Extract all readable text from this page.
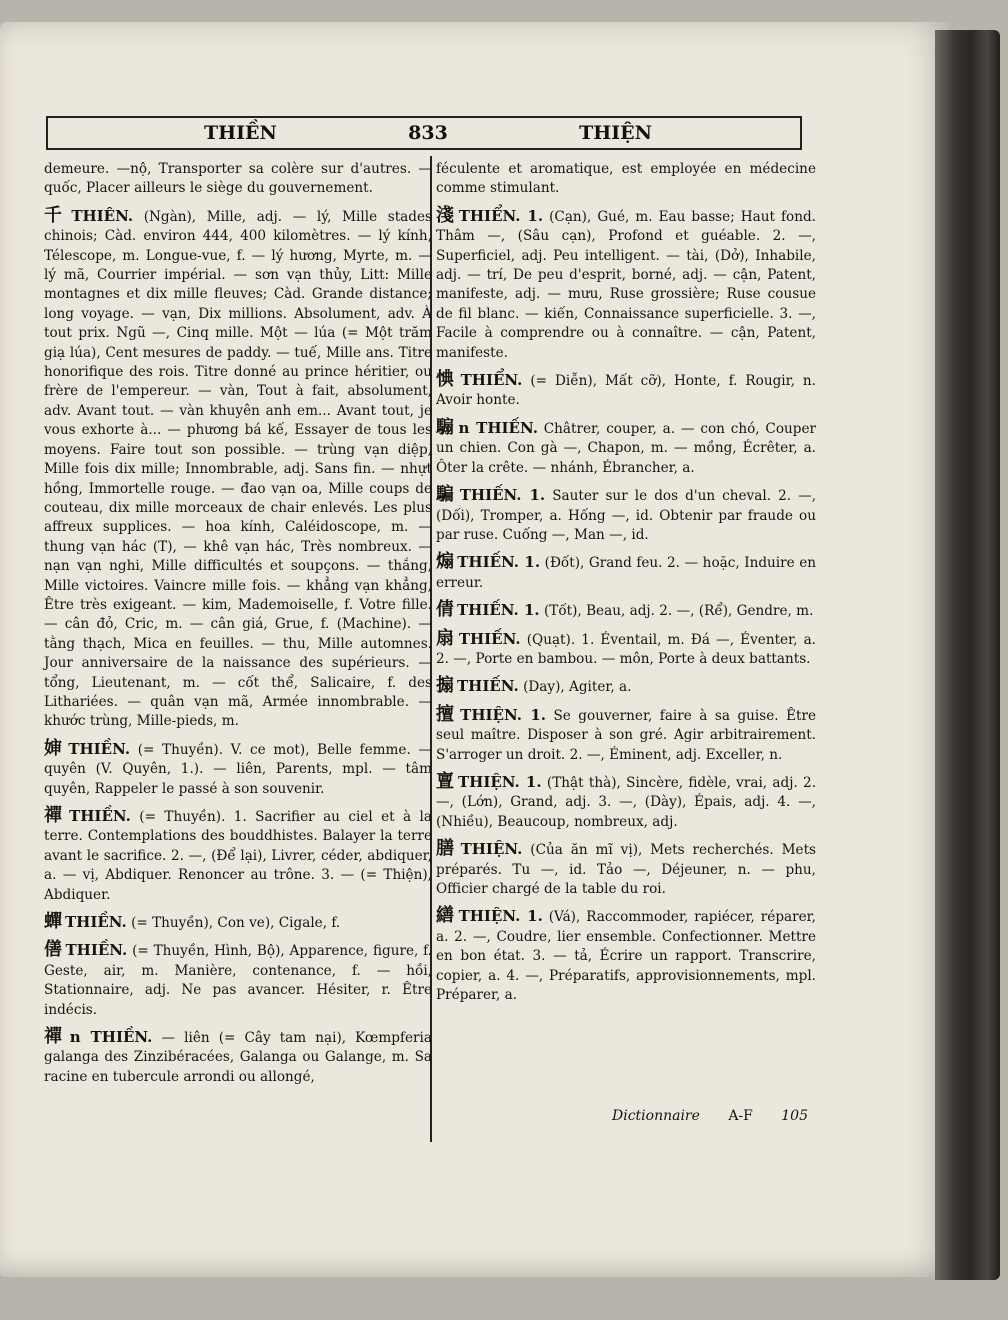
THIỀN	833	THIỆN

demeure. —nộ, Transporter sa colère sur d'autres. — quốc, Placer ailleurs le siège du gouvernement.

千 THIÊN. (Ngàn), Mille, adj. — lý, Mille stades chinois; Càd. environ 444, 400 kilomètres. — lý kính, Télescope, m. Longue-vue, f. — lý hương, Myrte, m. — lý mã, Courrier impérial. — sơn vạn thủy, Litt: Mille montagnes et dix mille fleuves; Càd. Grande distance; long voyage. — vạn, Dix millions. Absolument, adv. À tout prix. Ngũ —, Cinq mille. Một — lúa (= Một trăm giạ lúa), Cent mesures de paddy. — tuế, Mille ans. Titre honorifique des rois. Titre donné au prince héritier, ou frère de l'empereur. — vàn, Tout à fait, absolument, adv. Avant tout. — vàn khuyên anh em... Avant tout, je vous exhorte à... — phương bá kế, Essayer de tous les moyens. Faire tout son possible. — trùng vạn diệp, Mille fois dix mille; Innombrable, adj. Sans fin. — nhựt hồng, Immortelle rouge. — đao vạn oa, Mille coups de couteau, dix mille morceaux de chair enlevés. Les plus affreux supplices. — hoa kính, Caléidoscope, m. — thung vạn hác (T), — khê vạn hác, Très nombreux. — nạn vạn nghi, Mille difficultés et soupçons. — thắng, Mille victoires. Vaincre mille fois. — khẳng vạn khẳng, Être très exigeant. — kim, Mademoiselle, f. Votre fille. — cân đỏ, Cric, m. — cân giá, Grue, f. (Machine). — tằng thạch, Mica en feuilles. — thu, Mille automnes. Jour anniversaire de la naissance des supérieurs. — tổng, Lieutenant, m. — cốt thể, Salicaire, f. des Lithariées. — quân vạn mã, Armée innombrable. — khước trùng, Mille-pieds, m.

婶 THIỀN. (= Thuyền). V. ce mot), Belle femme. — quyên (V. Quyên, 1.). — liên, Parents, mpl. — tâm quyên, Rappeler le passé à son souvenir.

禪 THIỀN. (= Thuyền). 1. Sacrifier au ciel et à la terre. Contemplations des bouddhistes. Balayer la terre avant le sacrifice. 2. —, (Để lại), Livrer, céder, abdiquer, a. — vị, Abdiquer. Renoncer au trône. 3. — (= Thiện), Abdiquer.

蟬 THIỀN. (= Thuyền), Con ve), Cigale, f.

僐 THIỀN. (= Thuyền, Hình, Bộ), Apparence, figure, f. Geste, air, m. Manière, contenance, f. — hồi, Stationnaire, adj. Ne pas avancer. Hésiter, r. Être indécis.

禪 n THIỀN. — liên (= Cây tam nại), Kœmpferia galanga des Zinzibéracées, Galanga ou Galange, m. Sa racine en tubercule arrondi ou allongé,

féculente et aromatique, est employée en médecine comme stimulant.

淺 THIỂN. 1. (Cạn), Gué, m. Eau basse; Haut fond. Thâm —, (Sâu cạn), Profond et guéable. 2. —, Superficiel, adj. Peu intelligent. — tài, (Dở), Inhabile, adj. — trí, De peu d'esprit, borné, adj. — cận, Patent, manifeste, adj. — mưu, Ruse grossière; Ruse cousue de fil blanc. — kiến, Connaissance superficielle. 3. —, Facile à comprendre ou à connaître. — cận, Patent, manifeste.

㥏 THIỂN. (= Diễn), Mất cỡ), Honte, f. Rougir, n. Avoir honte.

騸 n THIẾN. Châtrer, couper, a. — con chó, Couper un chien. Con gà —, Chapon, m. — mồng, Écrêter, a. Ôter la crête. — nhánh, Ébrancher, a.

騙 THIẾN. 1. Sauter sur le dos d'un cheval. 2. —, (Dối), Tromper, a. Hống —, id. Obtenir par fraude ou par ruse. Cuống —, Man —, id.

煽 THIẾN. 1. (Đốt), Grand feu. 2. — hoặc, Induire en erreur.

倩 THIẾN. 1. (Tốt), Beau, adj. 2. —, (Rể), Gendre, m.

扇 THIẾN. (Quạt). 1. Éventail, m. Đá —, Éventer, a. 2. —, Porte en bambou. — môn, Porte à deux battants.

搧 THIẾN. (Day), Agiter, a.

擅 THIỆN. 1. Se gouverner, faire à sa guise. Être seul maître. Disposer à son gré. Agir arbitrairement. S'arroger un droit. 2. —, Éminent, adj. Exceller, n.

亶 THIỆN. 1. (Thật thà), Sincère, fidèle, vrai, adj. 2. —, (Lớn), Grand, adj. 3. —, (Dày), Épais, adj. 4. —, (Nhiều), Beaucoup, nombreux, adj.

膳 THIỆN. (Của ăn mĩ vị), Mets recherchés. Mets préparés. Tu —, id. Tảo —, Déjeuner, n. — phu, Officier chargé de la table du roi.

繕 THIỆN. 1. (Vá), Raccommoder, rapiécer, réparer, a. 2. —, Coudre, lier ensemble. Confectionner. Mettre en bon état. 3. — tả, Écrire un rapport. Transcrire, copier, a. 4. —, Préparatifs, approvisionnements, mpl. Préparer, a.

Dictionnaire A-F 105
